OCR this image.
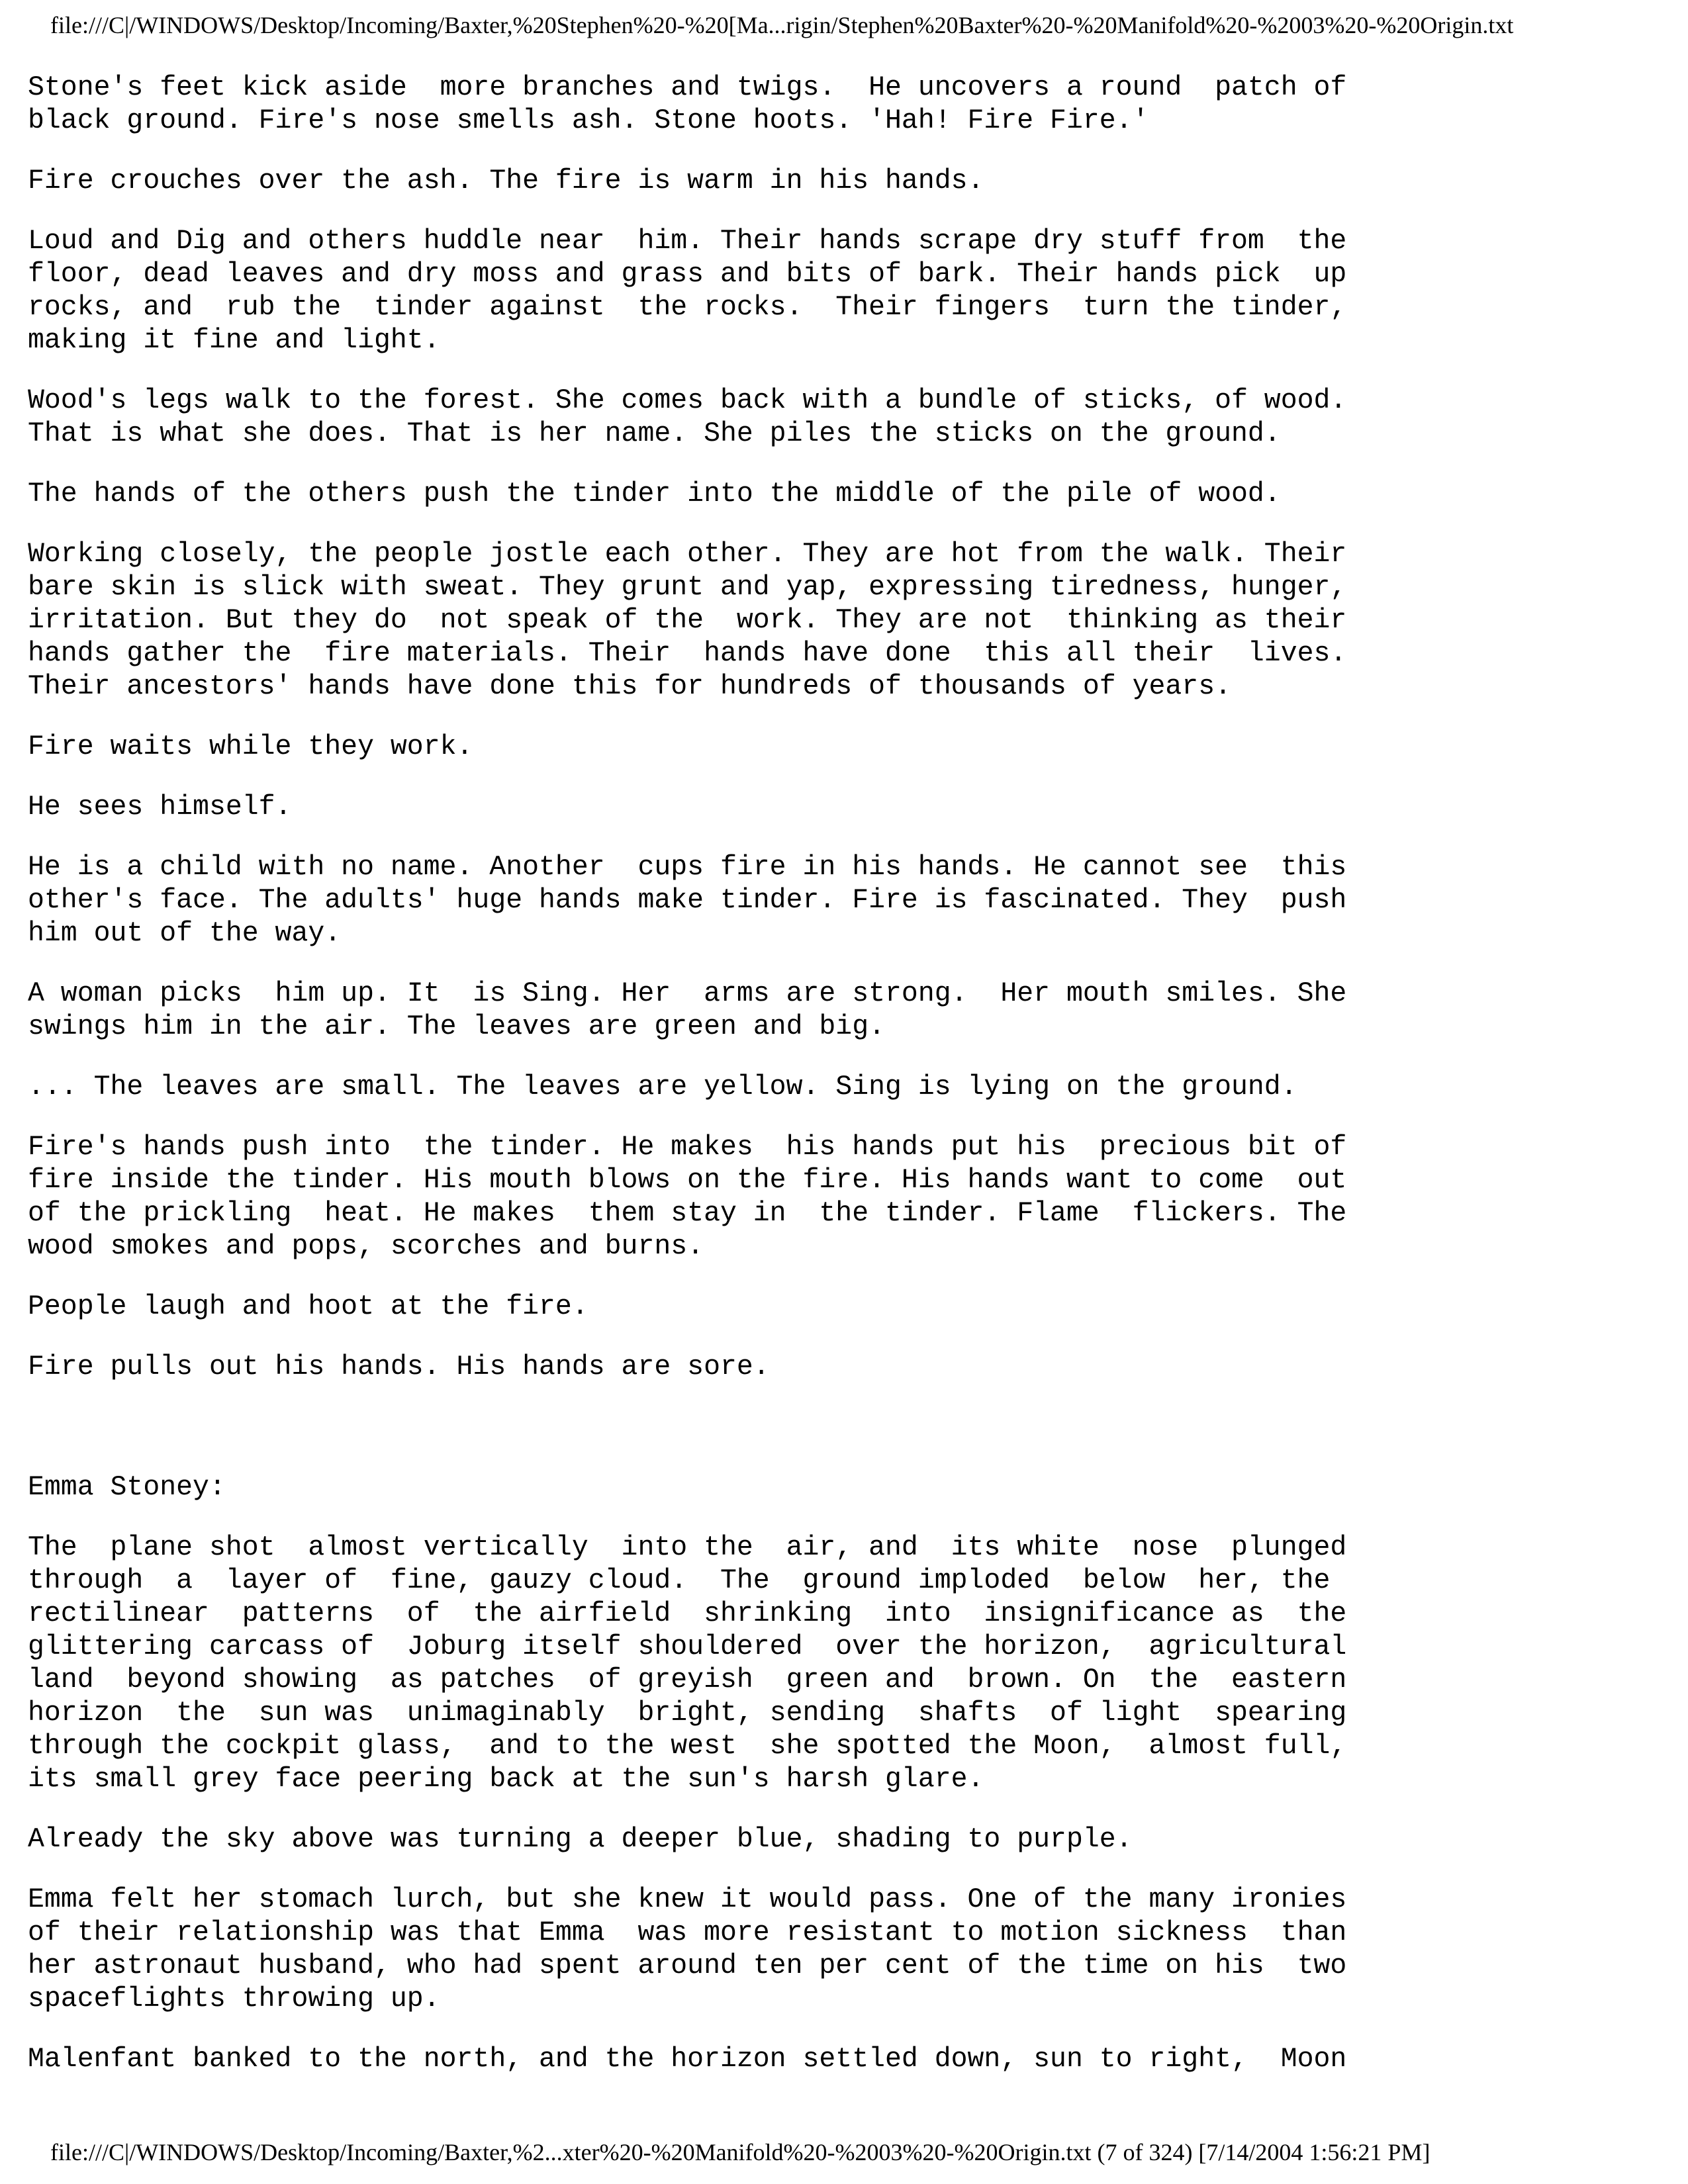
file:///C|/WINDOWS/Desktop/Incoming/Baxter,%20Stephen%20-%20[Ma...rigin/Stephen%20Baxter%20-%20Manifold%20-%2003%20-%20Origin.txt
Stone's feet kick aside  more branches and twigs.  He uncovers a round  patch of
black ground. Fire's nose smells ash. Stone hoots. 'Hah! Fire Fire.'
Fire crouches over the ash. The fire is warm in his hands.
Loud and Dig and others huddle near  him. Their hands scrape dry stuff from  the
floor, dead leaves and dry moss and grass and bits of bark. Their hands pick  up
rocks, and  rub the  tinder against  the rocks.  Their fingers  turn the tinder,
making it fine and light.
Wood's legs walk to the forest. She comes back with a bundle of sticks, of wood.
That is what she does. That is her name. She piles the sticks on the ground.
The hands of the others push the tinder into the middle of the pile of wood.
Working closely, the people jostle each other. They are hot from the walk. Their
bare skin is slick with sweat. They grunt and yap, expressing tiredness, hunger,
irritation. But they do  not speak of the  work. They are not  thinking as their
hands gather the  fire materials. Their  hands have done  this all their  lives.
Their ancestors' hands have done this for hundreds of thousands of years.
Fire waits while they work.
He sees himself.
He is a child with no name. Another  cups fire in his hands. He cannot see  this
other's face. The adults' huge hands make tinder. Fire is fascinated. They  push
him out of the way.
A woman picks  him up. It  is Sing. Her  arms are strong.  Her mouth smiles. She
swings him in the air. The leaves are green and big.
... The leaves are small. The leaves are yellow. Sing is lying on the ground.
Fire's hands push into  the tinder. He makes  his hands put his  precious bit of
fire inside the tinder. His mouth blows on the fire. His hands want to come  out
of the prickling  heat. He makes  them stay in  the tinder. Flame  flickers. The
wood smokes and pops, scorches and burns.
People laugh and hoot at the fire.
Fire pulls out his hands. His hands are sore.
Emma Stoney:
The  plane shot  almost vertically  into the  air, and  its white  nose  plunged
through  a  layer of  fine, gauzy cloud.  The  ground imploded  below  her, the
rectilinear  patterns  of  the airfield  shrinking  into  insignificance as  the
glittering carcass of  Joburg itself shouldered  over the horizon,  agricultural
land  beyond showing  as patches  of greyish  green and  brown. On  the  eastern
horizon  the  sun was  unimaginably  bright, sending  shafts  of light  spearing
through the cockpit glass,  and to the west  she spotted the Moon,  almost full,
its small grey face peering back at the sun's harsh glare.
Already the sky above was turning a deeper blue, shading to purple.
Emma felt her stomach lurch, but she knew it would pass. One of the many ironies
of their relationship was that Emma  was more resistant to motion sickness  than
her astronaut husband, who had spent around ten per cent of the time on his  two
spaceflights throwing up.
Malenfant banked to the north, and the horizon settled down, sun to right,  Moon
file:///C|/WINDOWS/Desktop/Incoming/Baxter,%2...xter%20-%20Manifold%20-%2003%20-%20Origin.txt (7 of 324) [7/14/2004 1:56:21 PM]
